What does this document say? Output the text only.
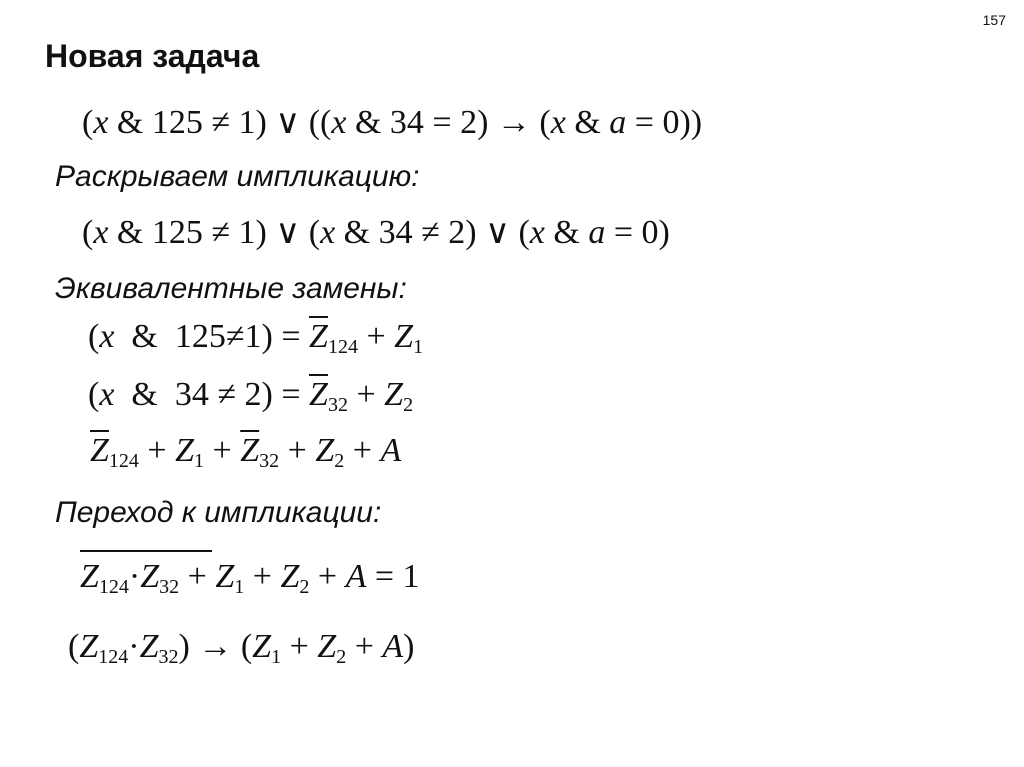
157
Новая задача
(x & 125 ≠ 1) ∨ ((x & 34 = 2) → (x & a = 0))
Раскрываем импликацию:
(x & 125 ≠ 1) ∨ (x & 34 ≠ 2) ∨ (x & a = 0)
Эквивалентные замены:
(x  &  $125\ne 1) = \overline{Z}_{124} + Z_1$
(x  &  $34 \ne 2) = \overline{Z}_{32} + Z_2$
$\overline{Z}_{124} + Z_1 + \overline{Z}_{32} + Z_2 + A$
Переход к импликации:
$Z_{124}\cdot Z_{32} + Z_1 + Z_2 + A = 1$
$(Z_{124}\cdot Z_{32}) \to (Z_1 + Z_2 + A)$
